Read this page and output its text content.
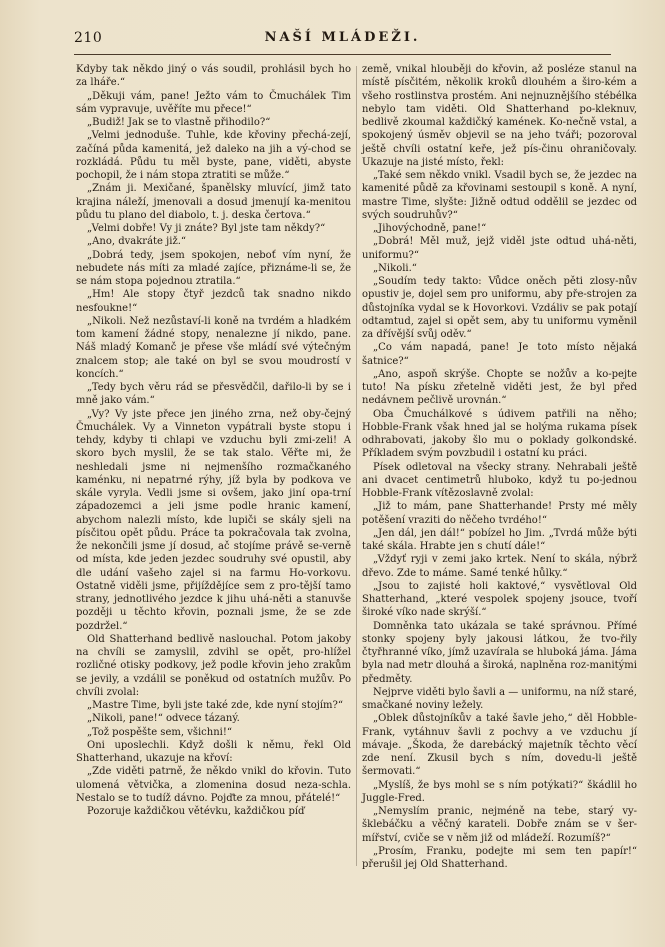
210	NAŠÍ MLÁDEŽI.

Kdyby tak někdo jiný o vás soudil, prohlásil bych ho za lháře.“

„Děkuji vám, pane! Ježto vám to Čmuchálek Tim sám vypravuje, uvěříte mu přece!“

„Budiž! Jak se to vlastně přihodilo?“

„Velmi jednoduše. Tuhle, kde křoviny přechá-zejí, začíná půda kamenitá, jež daleko na jih a vý-chod se rozkládá. Půdu tu měl byste, pane, viděti, abyste pochopil, že i nám stopa ztratiti se může.“

„Znám ji. Mexičané, španělsky mluvící, jimž tato krajina náleží, jmenovali a dosud jmenují ka-menitou půdu tu plano del diabolo, t. j. deska čertova.“

„Velmi dobře! Vy ji znáte? Byl jste tam někdy?“

„Ano, dvakráte již.“

„Dobrá tedy, jsem spokojen, neboť vím nyní, že nebudete nás míti za mladé zajíce, přiznáme-li se, že se nám stopa pojednou ztratila.“

„Hm! Ale stopy čtyř jezdců tak snadno nikdo nesfouknе!“

„Nikoli. Než nezůstaví-li koně na tvrdém a hladkém tom kamení žádné stopy, nenalezne jí nikdo, pane. Náš mladý Komanč je přese vše mládí své výtečným znalcem stop; ale také on byl se svou moudrostí v koncích.“

„Tedy bych věru rád se přesvědčil, dařilo-li by se i mně jako vám.“

„Vy? Vy jste přece jen jiného zrna, než oby-čejný Čmuchálek. Vy a Vinneton vypátrali byste stopu i tehdy, kdyby ti chlapi ve vzduchu byli zmi-zeli! A skoro bych myslil, že se tak stalo. Věřte mi, že neshledali jsme ni nejmenšího rozmačkaného kaménku, ni nepatrné rýhy, jíž byla by podkova ve skále vyryla. Vedli jsme si ovšem, jako jiní opa-trní západozemci a jeli jsme podle hranic kamení, abychom nalezli místo, kde lupiči se skály sjeli na písčitou opět půdu. Práce ta pokračovala tak zvolna, že nekončili jsme jí dosud, ač stojíme právě se-verně od místa, kde jeden jezdec soudruhy své opustil, aby dle udání vašeho zajel si na farmu Ho-vorkovu. Ostatně viděli jsme, přijíždějíce sem z pro-tější tamo strany, jednotlivého jezdce k jihu uhá-něti a stanuvše později u těchto křovin, poznali jsme, že se zde pozdržel.“

Old Shatterhand bedlivě naslouchal. Potom jakoby na chvíli se zamyslil, zdvihl se opět, pro-hlížel rozličné otisky podkovy, jež podle křovin jeho zrakům se jevily, a vzdálil se poněkud od ostatních mužův. Po chvíli zvolal:

„Mastre Time, byli jste také zde, kde nyní stojím?“

„Nikoli, pane!“ odvece tázaný.

„Tož pospěšte sem, všichni!“

Oni uposlechli. Když došli k němu, řekl Old Shatterhand, ukazuje na křoví:

„Zde viděti patrně, že někdo vnikl do křovin. Tuto ulomená větvička, a zlomenina dosud neza-schla. Nestalo se to tudíž dávno. Pojďte za mnou, přátelé!“

Pozoruje každičkou větévku, každičkou píď

země, vnikal hlouběji do křovin, až posléze stanul na místě písčitém, několik kroků dlouhém a širo-kém a všeho rostlinstva prostém. Ani nejnuznějšího stébélka nebylo tam viděti. Old Shatterhand po-kleknuv, bedlivě zkoumal každičký kamének. Ko-nečně vstal, a spokojený úsměv objevil se na jeho tváři; pozoroval ještě chvíli ostatní keře, jež pís-činu ohraničovaly. Ukazuje na jisté místo, řekl:

„Také sem někdo vnikl. Vsadil bych se, že jezdec na kamenité půdě za křovinami sestoupil s koně. A nyní, mastre Time, slyšte: Jižně odtud oddělil se jezdec od svých soudruhův?“

„Jihovýchodně, pane!“

„Dobrá! Měl muž, jejž viděl jste odtud uhá-něti, uniformu?“

„Nikoli.“

„Soudím tedy takto: Vůdce oněch pěti zlosy-nův opustiv je, dojel sem pro uniformu, aby pře-strojen za důstojníka vydal se k Hovorkovi. Vzdáliv se pak potají odtamtud, zajel si opět sem, aby tu uniformu vyměnil za dřívější svůj oděv.“

„Co vám napadá, pane! Je toto místo nějaká šatnice?“

„Ano, aspoň skrýše. Chopte se nožův a ko-pejte tuto! Na písku zřetelně viděti jest, že byl před nedávnem pečlivě urovnán.“

Oba Čmuchálkové s údivem patřili na něho; Hobble-Frank však hned jal se holýma rukama písek odhrabovati, jakoby šlo mu o poklady golkondské. Příkladem svým povzbudil i ostatní ku práci.

Písek odletoval na všecky strany. Nehrabali ještě ani dvacet centimetrů hluboko, když tu po-jednou Hobble-Frank vítězoslavně zvolal:

„Již to mám, pane Shatterhande! Prsty mé měly potěšení vraziti do něčeho tvrdého!“

„Jen dál, jen dál!“ pobízel ho Jim. „Tvrdá může býti také skála. Hrabte jen s chutí dále!“

„Vždyť ryji v zemi jako krtek. Není to skála, nýbrž dřevo. Zde to máme. Samé tenké hůlky.“

„Jsou to zajisté holi kaktové,“ vysvětloval Old Shatterhand, „které vespolek spojeny jsouce, tvoří široké víko nade skrýší.“

Domněnka tato ukázala se také správnou. Přímé stonky spojeny byly jakousi látkou, že tvo-řily čtyřhranné víko, jímž uzavírala se hluboká jáma. Jáma byla nad metr dlouhá a široká, naplněna roz-manitými předměty.

Nejprve viděti bylo šavli a — uniformu, na níž staré, smačkané noviny ležely.

„Oblek důstojníkův a také šavle jeho,“ děl Hobble-Frank, vytáhnuv šavli z pochvy a ve vzduchu jí mávaje. „Škoda, že darebácký majetník těchto věcí zde není. Zkusil bych s ním, dovedu-li ještě šermovati.“

„Myslíš, že bys mohl se s ním potýkati?“ škádlil ho Juggle-Fred.

„Nemyslím pranic, nejméně na tebe, starý vy-šklebáčku a věčný karateli. Dobře znám se v šer-mířství, cviče se v něm již od mládeží. Rozumíš?“

„Prosím, Franku, podejte mi sem ten papír!“ přerušil jej Old Shatterhand.
